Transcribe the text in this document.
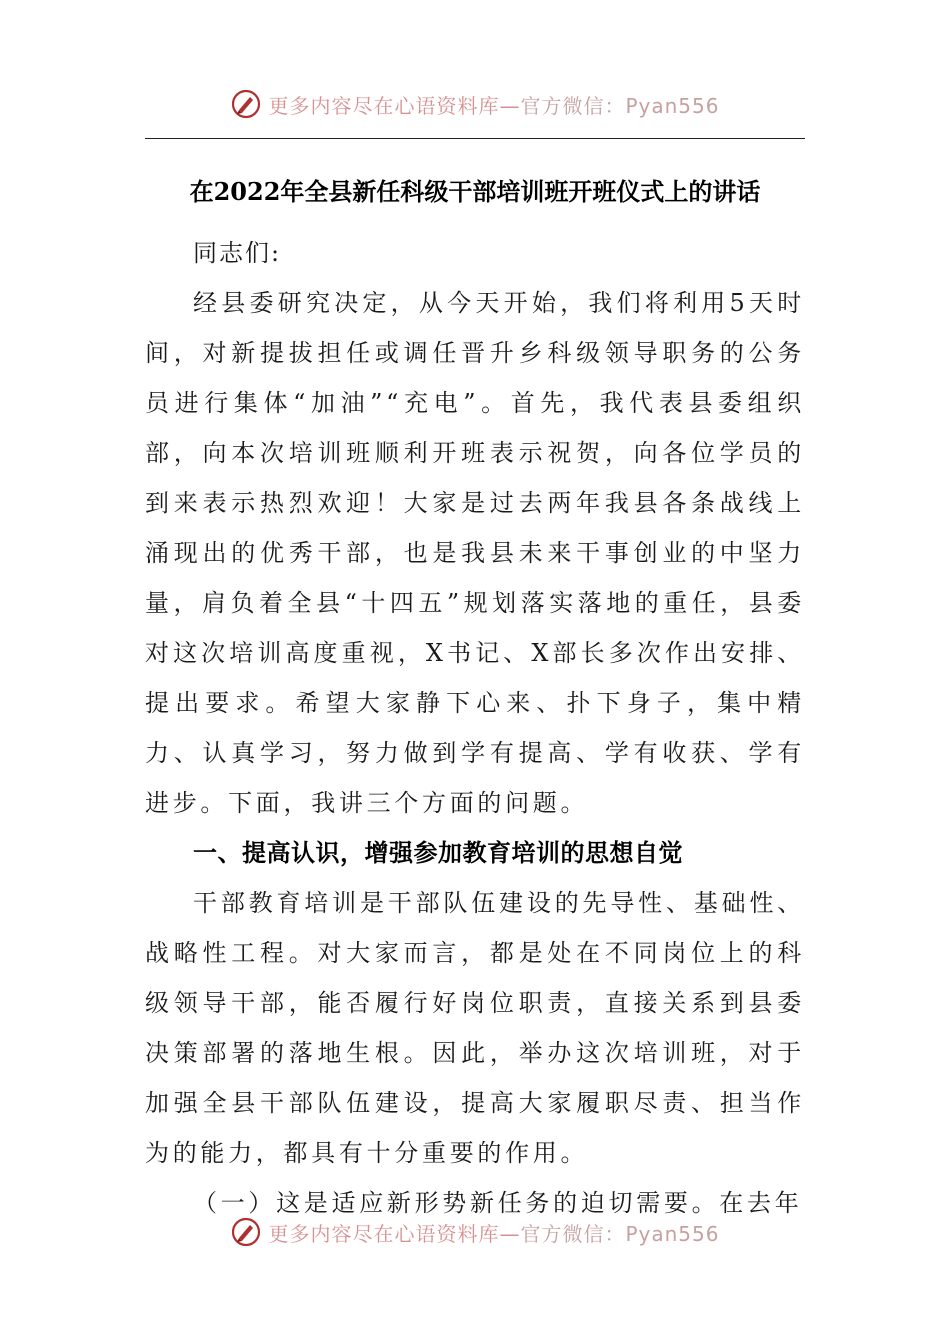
更多内容尽在心语资料库—官方微信：Pyan556
在2022年全县新任科级干部培训班开班仪式上的讲话

同志们:

经县委研究决定，从今天开始，我们将利用5天时间，对新提拔担任或调任晋升乡科级领导职务的公务员进行集体“加油”“充电”。首先，我代表县委组织部，向本次培训班顺利开班表示祝贺，向各位学员的到来表示热烈欢迎！大家是过去两年我县各条战线上涌现出的优秀干部，也是我县未来干事创业的中坚力量，肩负着全县“十四五”规划落实落地的重任，县委对这次培训高度重视，X书记、X部长多次作出安排、提出要求。希望大家静下心来、扑下身子，集中精力、认真学习，努力做到学有提高、学有收获、学有进步。下面，我讲三个方面的问题。

一、提高认识，增强参加教育培训的思想自觉

干部教育培训是干部队伍建设的先导性、基础性、战略性工程。对大家而言，都是处在不同岗位上的科级领导干部，能否履行好岗位职责，直接关系到县委决策部署的落地生根。因此，举办这次培训班，对于加强全县干部队伍建设，提高大家履职尽责、担当作为的能力，都具有十分重要的作用。

（一）这是适应新形势新任务的迫切需要。在去年

更多内容尽在心语资料库—官方微信：Pyan556
